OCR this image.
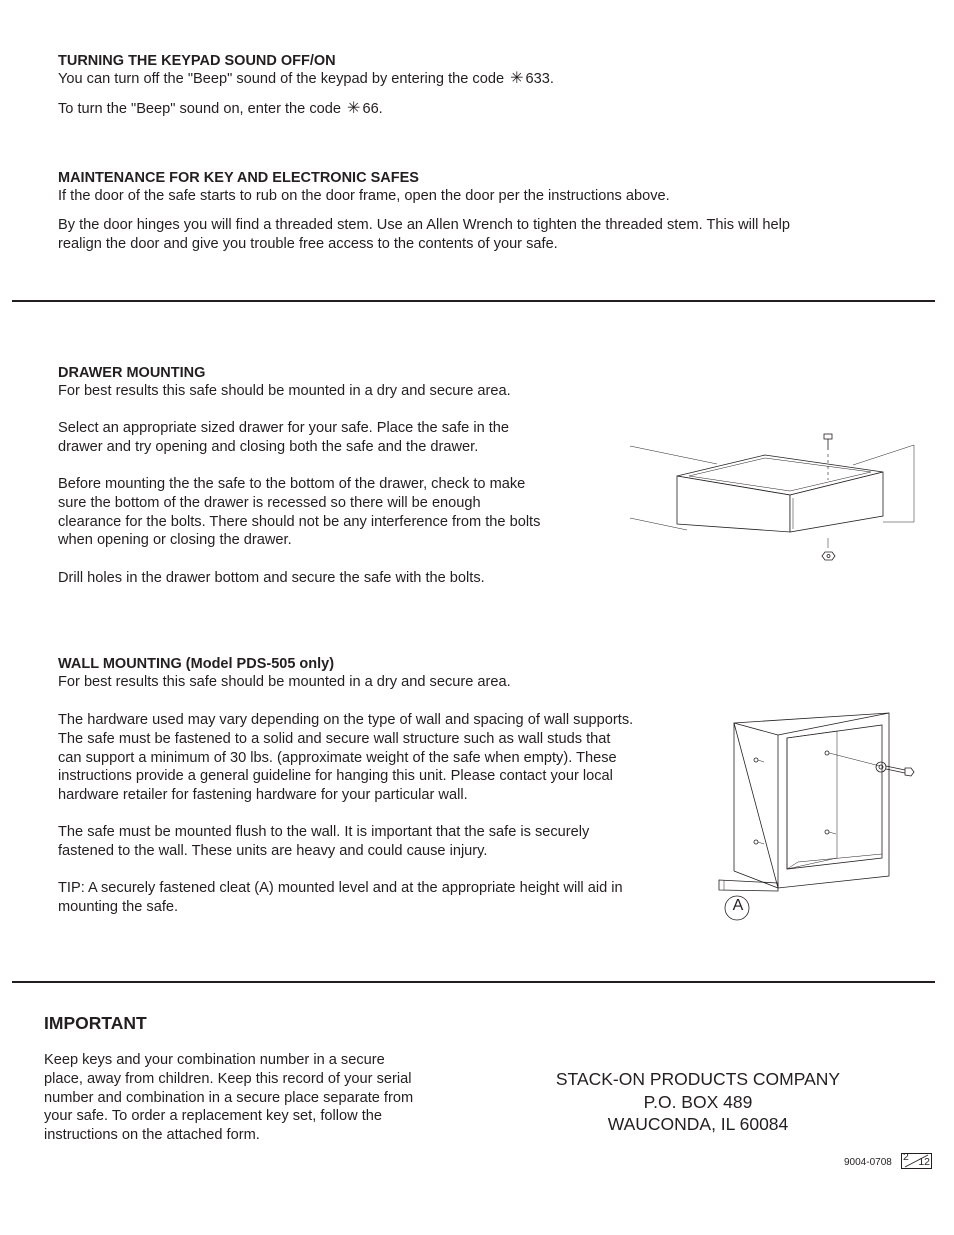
TURNING THE KEYPAD SOUND OFF/ON
You can turn off the "Beep" sound of the keypad by entering the code ✳ 633.
To turn the "Beep" sound on, enter the code ✳ 66.
MAINTENANCE FOR KEY AND ELECTRONIC SAFES
If the door of the safe starts to rub on the door frame, open the door per the instructions above.
By the door hinges you will find a threaded stem. Use an Allen Wrench to tighten the threaded stem. This will help
realign the door and give you trouble free access to the contents of your safe.
DRAWER MOUNTING
For best results this safe should be mounted in a dry and secure area.
Select an appropriate sized drawer for your safe. Place the safe in the
drawer and try opening and closing both the safe and the drawer.
Before mounting the the safe to the bottom of the drawer, check to make
sure the bottom of the drawer is recessed so there will be enough
clearance for the bolts. There should not be any interference from the bolts
when opening or closing the drawer.
Drill holes in the drawer bottom and secure the safe with the bolts.
WALL MOUNTING (Model PDS-505 only)
For best results this safe should be mounted in a dry and secure area.
The hardware used may vary depending on the type of wall and spacing of wall supports.
The safe must be fastened to a solid and secure wall structure such as wall studs that
can support a minimum of 30 lbs. (approximate weight of the safe when empty). These
instructions provide a general guideline for hanging this unit. Please contact your local
hardware retailer for fastening hardware for your particular wall.
The safe must be mounted flush to the wall. It is important that the safe is securely
fastened to the wall. These units are heavy and could cause injury.
TIP: A securely fastened cleat (A) mounted level and at the appropriate height will aid in
mounting the safe.	A
IMPORTANT
Keep keys and your combination number in a secure
place, away from children. Keep this record of your serial
number and combination in a secure place separate from
your safe. To order a replacement key set, follow the
instructions on the attached form.
STACK-ON PRODUCTS COMPANY
P.O. BOX 489
WAUCONDA, IL 60084
9004-0708 2 12
